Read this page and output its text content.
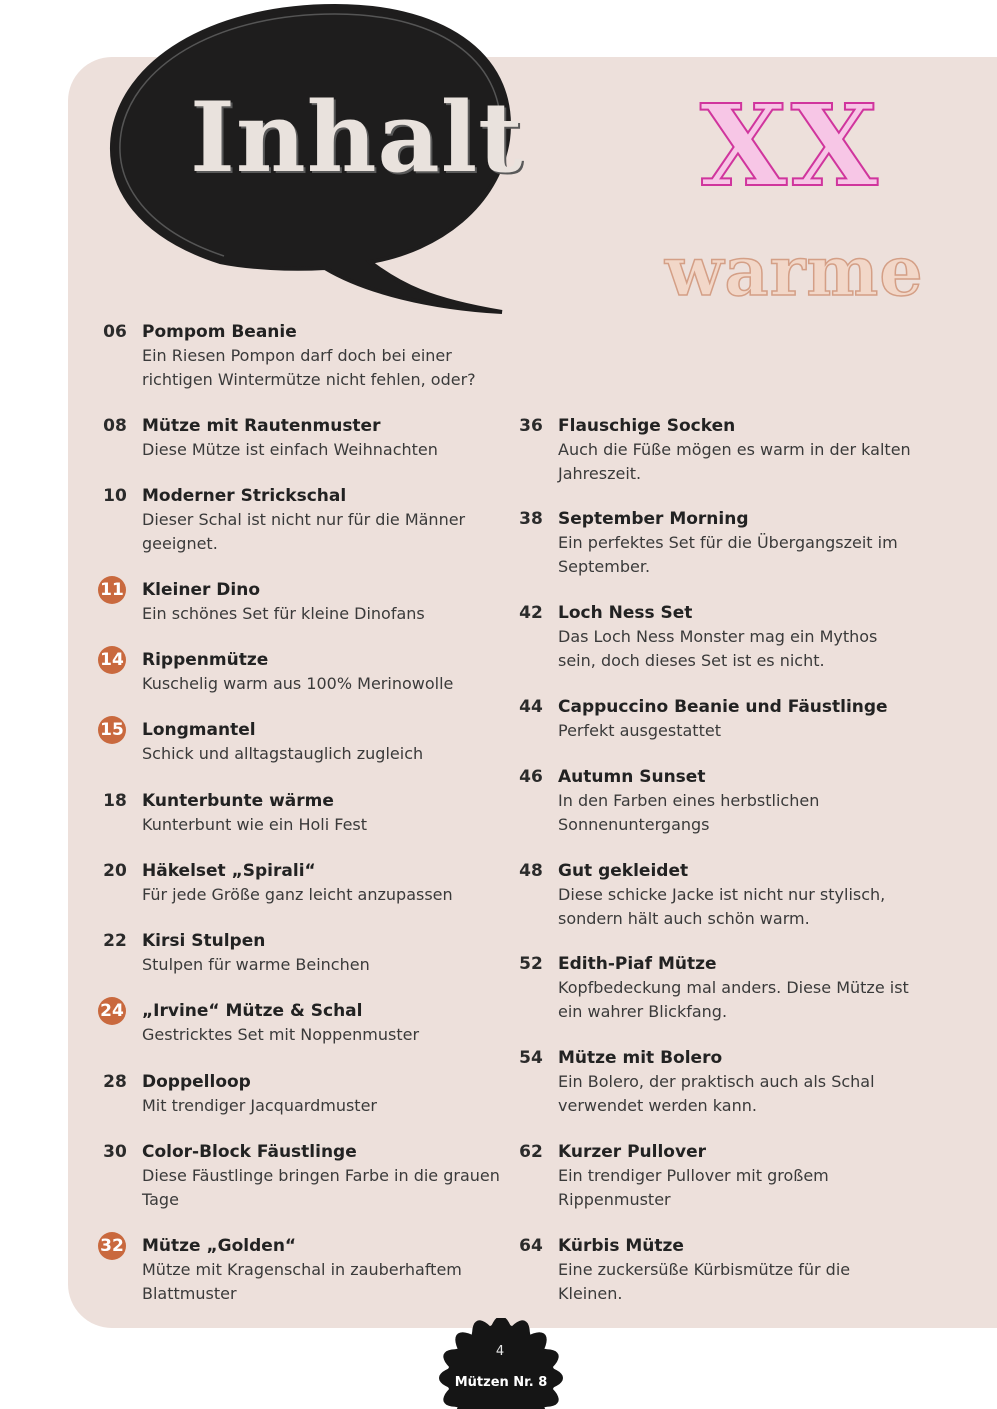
Inhalt XX
warme
06 Pompom Beanie
Ein Riesen Pompon darf doch bei einer richtigen Wintermütze nicht fehlen, oder?
08 Mütze mit Rautenmuster
Diese Mütze ist einfach Weihnachten
10 Moderner Strickschal
Dieser Schal ist nicht nur für die Männer geeignet.
11 Kleiner Dino
Ein schönes Set für kleine Dinofans
14 Rippenmütze
Kuschelig warm aus 100% Merinowolle
15 Longmantel
Schick und alltagstauglich zugleich
18 Kunterbunte wärme
Kunterbunt wie ein Holi Fest
20 Häkelset „Spirali“
Für jede Größe ganz leicht anzupassen
22 Kirsi Stulpen
Stulpen für warme Beinchen
24 „Irvine“ Mütze & Schal
Gestricktes Set mit Noppenmuster
28 Doppelloop
Mit trendiger Jacquardmuster
30 Color-Block Fäustlinge
Diese Fäustlinge bringen Farbe in die grauen Tage
32 Mütze „Golden“
Mütze mit Kragenschal in zauberhaftem Blattmuster
36 Flauschige Socken
Auch die Füße mögen es warm in der kalten Jahreszeit.
38 September Morning
Ein perfektes Set für die Übergangszeit im September.
42 Loch Ness Set
Das Loch Ness Monster mag ein Mythos sein, doch dieses Set ist es nicht.
44 Cappuccino Beanie und Fäustlinge
Perfekt ausgestattet
46 Autumn Sunset
In den Farben eines herbstlichen Sonnenuntergangs
48 Gut gekleidet
Diese schicke Jacke ist nicht nur stylisch, sondern hält auch schön warm.
52 Edith-Piaf Mütze
Kopfbedeckung mal anders. Diese Mütze ist ein wahrer Blickfang.
54 Mütze mit Bolero
Ein Bolero, der praktisch auch als Schal verwendet werden kann.
62 Kurzer Pullover
Ein trendiger Pullover mit großem Rippenmuster
64 Kürbis Mütze
Eine zuckersüße Kürbismütze für die Kleinen.
4
Mützen Nr. 8
